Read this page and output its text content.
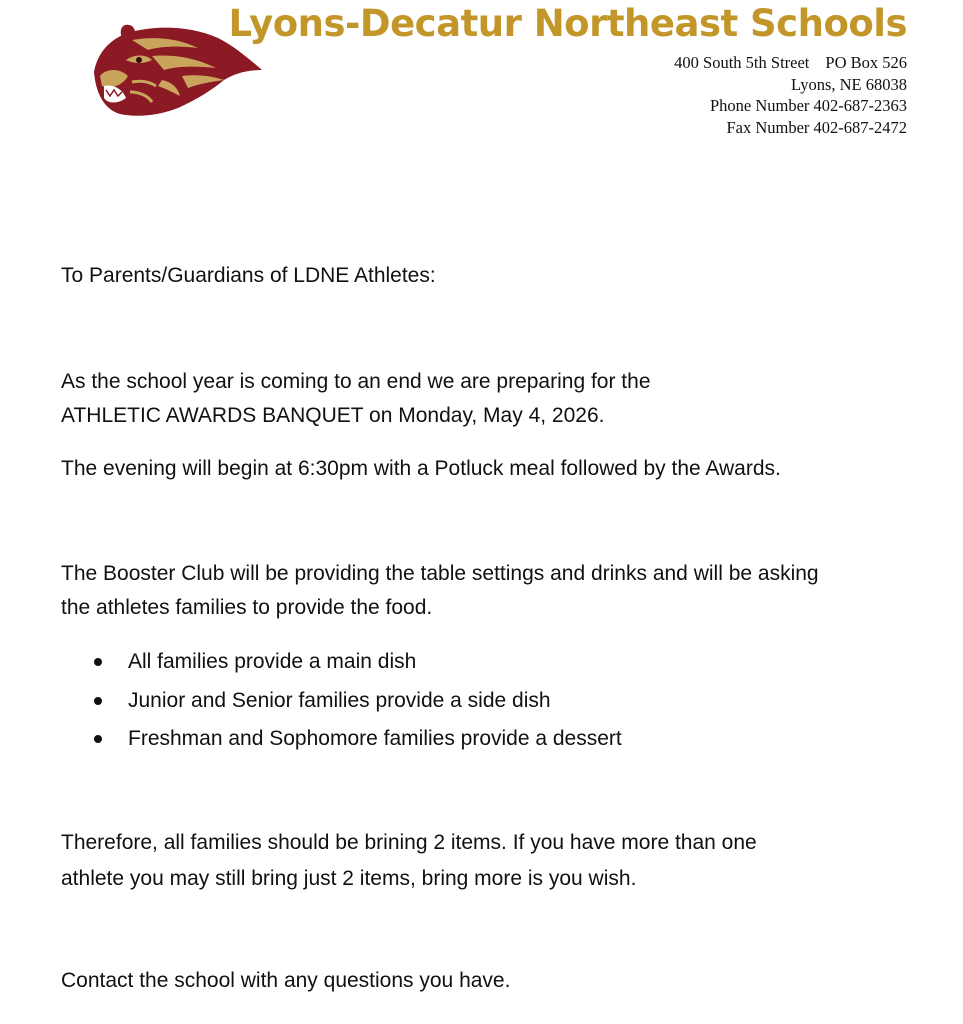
Lyons-Decatur Northeast Schools
400 South 5th Street PO Box 526
Lyons, NE 68038
Phone Number 402-687-2363
Fax Number 402-687-2472

To Parents/Guardians of LDNE Athletes:

As the school year is coming to an end we are preparing for the

ATHLETIC AWARDS BANQUET on Monday, May 4, 2026.

The evening will begin at 6:30pm with a Potluck meal followed by the Awards.

The Booster Club will be providing the table settings and drinks and will be asking

the athletes families to provide the food.

All families provide a main dish
Junior and Senior families provide a side dish
Freshman and Sophomore families provide a dessert

Therefore, all families should be brining 2 items. If you have more than one

athlete you may still bring just 2 items, bring more is you wish.

Contact the school with any questions you have.
